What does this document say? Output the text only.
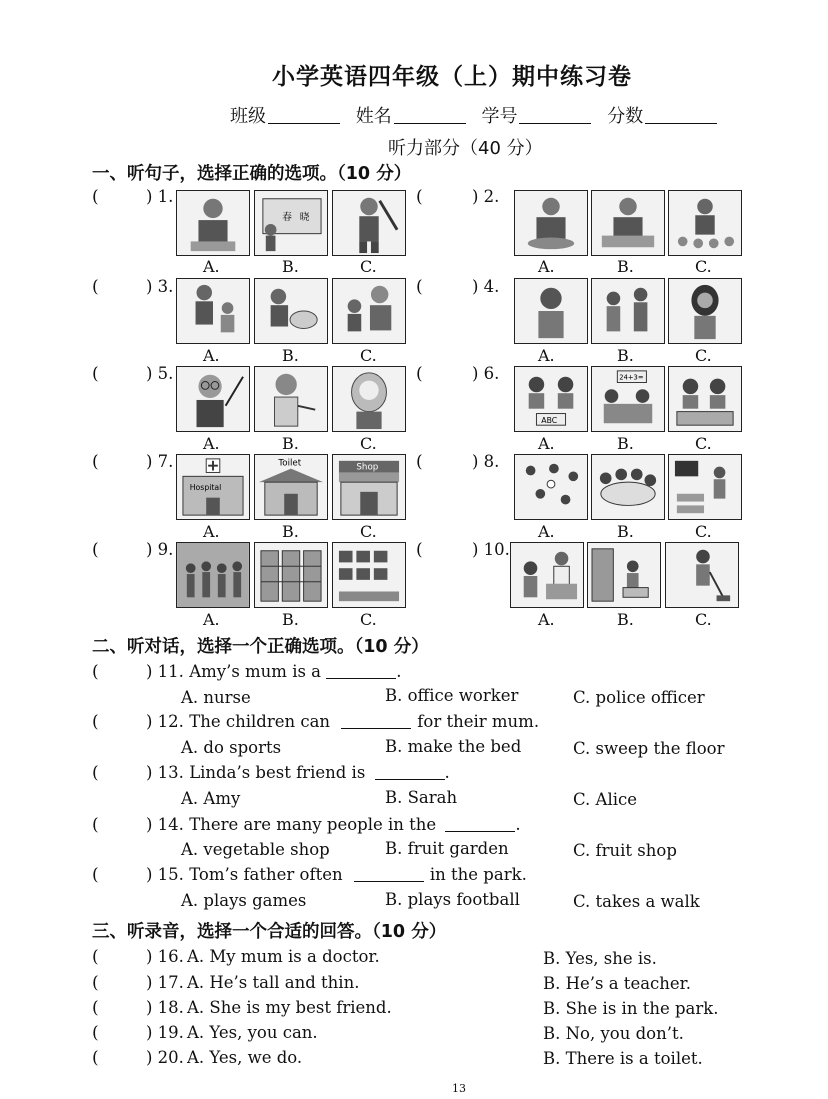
小学英语四年级（上）期中练习卷
班级	姓名	学号	分数
听力部分（40 分）
一、听句子，选择正确的选项。（10 分）
(	) 1.
春 晓
A.	B.	C.
(	) 2.
A.	B.	C.
(	) 3.
A.	B.	C.
(	) 4.
A.	B.	C.
(	) 5.
A.	B.	C.
(	) 6.
ABC
24+3=
A.	B.	C.
(	) 7.
Hospital
Toilet	Shop
A.	B.	C.
(	) 8.
A.	B.	C.
(	) 9.
A.	B.	C.
(	) 10.
A.	B.	C.
二、听对话，选择一个正确选项。（10 分）
(	) 11. Amy’s mum is a	.
A. nurse	B. office worker	C. police officer
(	) 12. The children can	for their mum.
A. do sports	B. make the bed	C. sweep the floor
(	) 13. Linda’s best friend is	.
A. Amy	B. Sarah	C. Alice
(	) 14. There are many people in the	.
A. vegetable shop	B. fruit garden	C. fruit shop
(	) 15. Tom’s father often	in the park.
A. plays games	B. plays football	C. takes a walk
三、听录音，选择一个合适的回答。（10 分）
(	) 16. A. My mum is a doctor.	B. Yes, she is.
(	) 17. A. He’s tall and thin.	B. He’s a teacher.
(	) 18. A. She is my best friend.	B. She is in the park.
(	) 19. A. Yes, you can.	B. No, you don’t.
(	) 20. A. Yes, we do.	B. There is a toilet.
13
